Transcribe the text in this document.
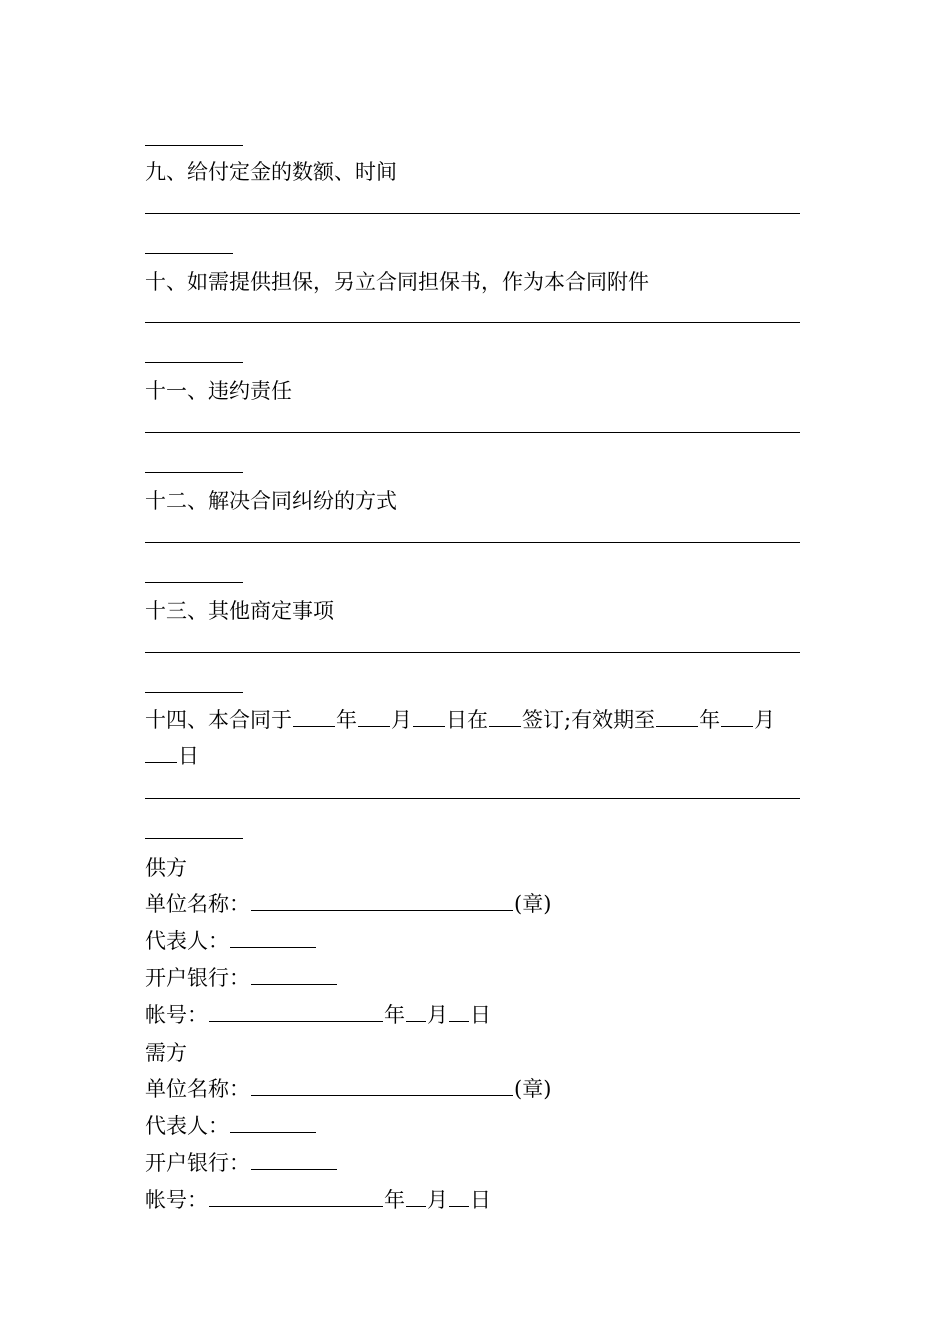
九、给付定金的数额、时间
十、如需提供担保，另立合同担保书，作为本合同附件
十一、违约责任
十二、解决合同纠纷的方式
十三、其他商定事项
十四、本合同于 年 月 日在 签订;有效期至 年 月
日
供方
单位名称：	(章)
代表人：
开户银行：
帐号：	年 月 日
需方
单位名称：	(章)
代表人：
开户银行：
帐号：	年 月 日
